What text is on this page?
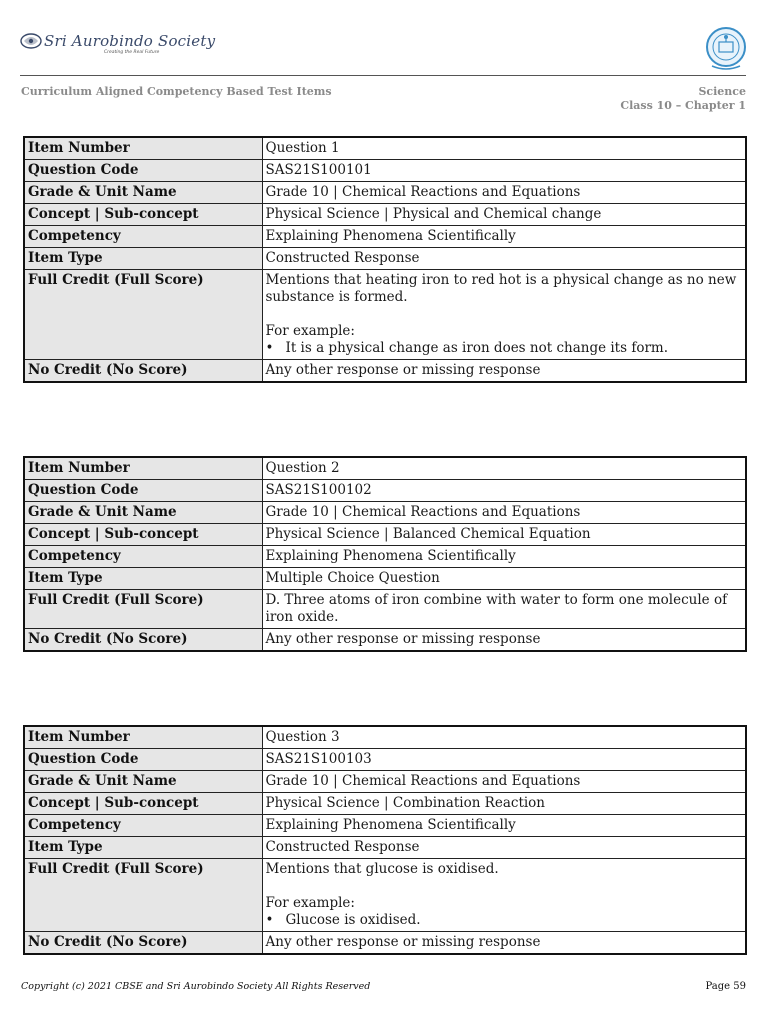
Sri Aurobindo Society
Creating the Real Future
Curriculum Aligned Competency Based Test Items	Science
Class 10 – Chapter 1
Item Number	Question 1
Question Code	SAS21S100101
Grade & Unit Name	Grade 10 | Chemical Reactions and Equations
Concept | Sub-concept	Physical Science | Physical and Chemical change
Competency	Explaining Phenomena Scientifically
Item Type	Constructed Response
Full Credit (Full Score)	Mentions that heating iron to red hot is a physical change as no new substance is formed.
For example:
• It is a physical change as iron does not change its form.

No Credit (No Score)	Any other response or missing response
Item Number	Question 2
Question Code	SAS21S100102
Grade & Unit Name	Grade 10 | Chemical Reactions and Equations
Concept | Sub-concept	Physical Science | Balanced Chemical Equation
Competency	Explaining Phenomena Scientifically
Item Type	Multiple Choice Question
Full Credit (Full Score)	D. Three atoms of iron combine with water to form one molecule of iron oxide.
No Credit (No Score)	Any other response or missing response
Item Number	Question 3
Question Code	SAS21S100103
Grade & Unit Name	Grade 10 | Chemical Reactions and Equations
Concept | Sub-concept	Physical Science | Combination Reaction
Competency	Explaining Phenomena Scientifically
Item Type	Constructed Response
Full Credit (Full Score)	Mentions that glucose is oxidised.
For example:
• Glucose is oxidised.

No Credit (No Score)	Any other response or missing response
Copyright (c) 2021 CBSE and Sri Aurobindo Society All Rights Reserved	Page 59
